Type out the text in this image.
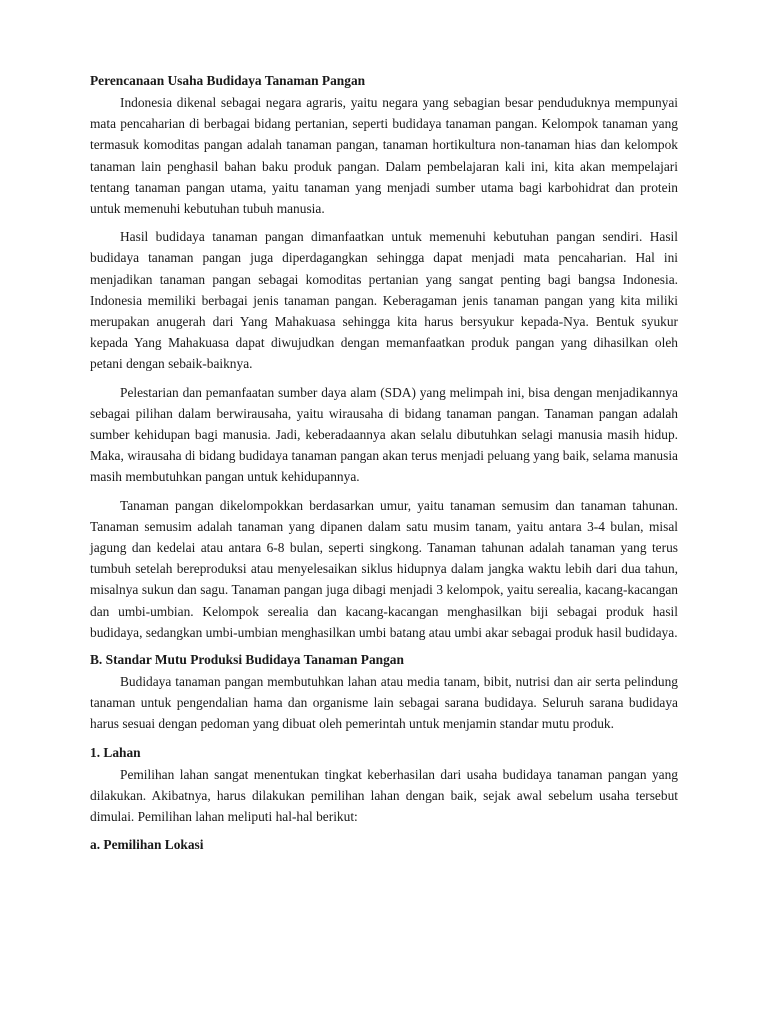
Perencanaan Usaha Budidaya Tanaman Pangan

Indonesia dikenal sebagai negara agraris, yaitu negara yang sebagian besar penduduknya mempunyai mata pencaharian di berbagai bidang pertanian, seperti budidaya tanaman pangan. Kelompok tanaman yang termasuk komoditas pangan adalah tanaman pangan, tanaman hortikultura non-tanaman hias dan kelompok tanaman lain penghasil bahan baku produk pangan. Dalam pembelajaran kali ini, kita akan mempelajari tentang tanaman pangan utama, yaitu tanaman yang menjadi sumber utama bagi karbohidrat dan protein untuk memenuhi kebutuhan tubuh manusia.

Hasil budidaya tanaman pangan dimanfaatkan untuk memenuhi kebutuhan pangan sendiri. Hasil budidaya tanaman pangan juga diperdagangkan sehingga dapat menjadi mata pencaharian. Hal ini menjadikan tanaman pangan sebagai komoditas pertanian yang sangat penting bagi bangsa Indonesia. Indonesia memiliki berbagai jenis tanaman pangan. Keberagaman jenis tanaman pangan yang kita miliki merupakan anugerah dari Yang Mahakuasa sehingga kita harus bersyukur kepada-Nya. Bentuk syukur kepada Yang Mahakuasa dapat diwujudkan dengan memanfaatkan produk pangan yang dihasilkan oleh petani dengan sebaik-baiknya.

Pelestarian dan pemanfaatan sumber daya alam (SDA) yang melimpah ini, bisa dengan menjadikannya sebagai pilihan dalam berwirausaha, yaitu wirausaha di bidang tanaman pangan. Tanaman pangan adalah sumber kehidupan bagi manusia. Jadi, keberadaannya akan selalu dibutuhkan selagi manusia masih hidup. Maka, wirausaha di bidang budidaya tanaman pangan akan terus menjadi peluang yang baik, selama manusia masih membutuhkan pangan untuk kehidupannya.

Tanaman pangan dikelompokkan berdasarkan umur, yaitu tanaman semusim dan tanaman tahunan. Tanaman semusim adalah tanaman yang dipanen dalam satu musim tanam, yaitu antara 3-4 bulan, misal jagung dan kedelai atau antara 6-8 bulan, seperti singkong. Tanaman tahunan adalah tanaman yang terus tumbuh setelah bereproduksi atau menyelesaikan siklus hidupnya dalam jangka waktu lebih dari dua tahun, misalnya sukun dan sagu. Tanaman pangan juga dibagi menjadi 3 kelompok, yaitu serealia, kacang-kacangan dan umbi-umbian. Kelompok serealia dan kacang-kacangan menghasilkan biji sebagai produk hasil budidaya, sedangkan umbi-umbian menghasilkan umbi batang atau umbi akar sebagai produk hasil budidaya.

B. Standar Mutu Produksi Budidaya Tanaman Pangan

Budidaya tanaman pangan membutuhkan lahan atau media tanam, bibit, nutrisi dan air serta pelindung tanaman untuk pengendalian hama dan organisme lain sebagai sarana budidaya. Seluruh sarana budidaya harus sesuai dengan pedoman yang dibuat oleh pemerintah untuk menjamin standar mutu produk.

1. Lahan

Pemilihan lahan sangat menentukan tingkat keberhasilan dari usaha budidaya tanaman pangan yang dilakukan. Akibatnya, harus dilakukan pemilihan lahan dengan baik, sejak awal sebelum usaha tersebut dimulai. Pemilihan lahan meliputi hal-hal berikut:

a. Pemilihan Lokasi
